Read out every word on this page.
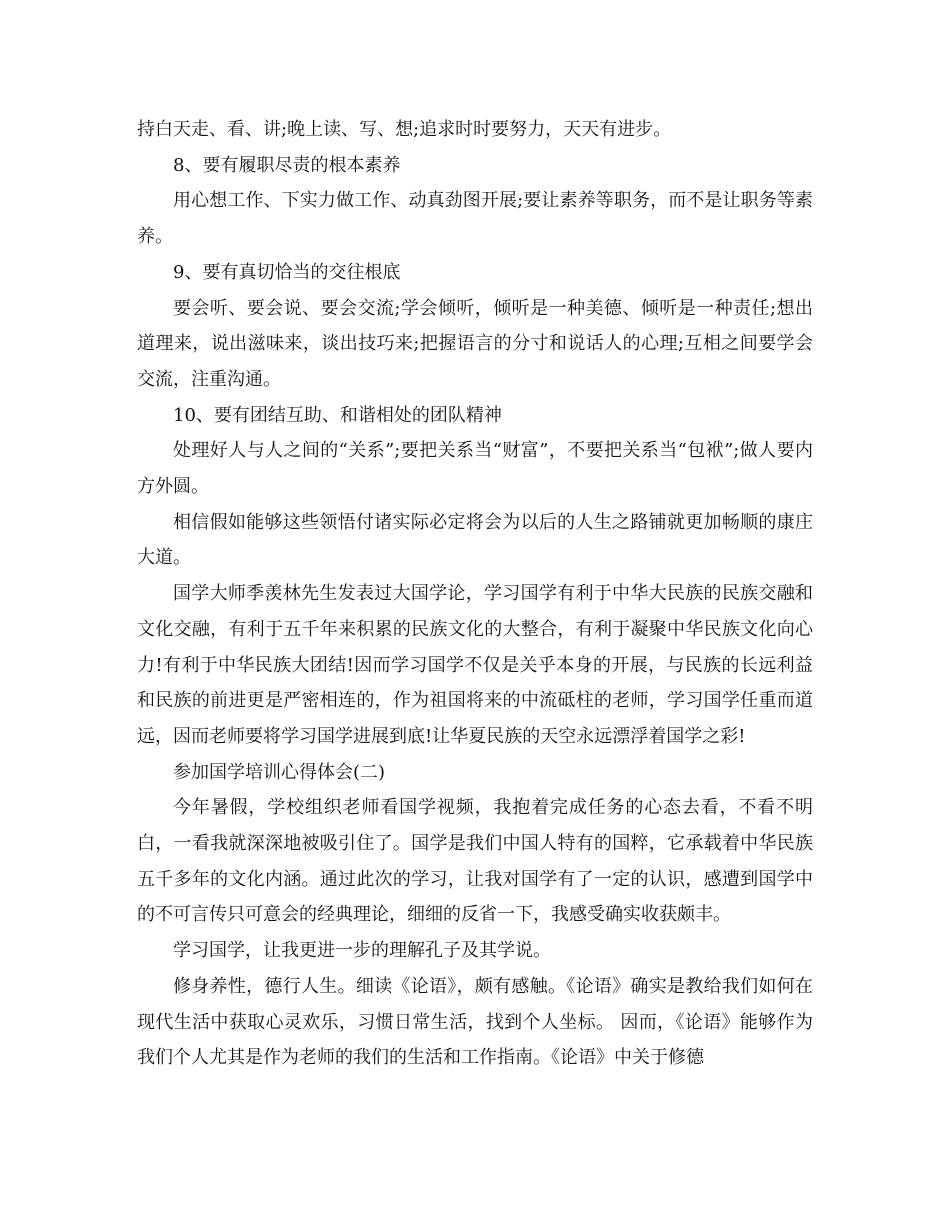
持白天走、看、讲;晚上读、写、想;追求时时要努力，天天有进步。

8、要有履职尽责的根本素养

用心想工作、下实力做工作、动真劲图开展;要让素养等职务，而不是让职务等素养。

9、要有真切恰当的交往根底

要会听、要会说、要会交流;学会倾听，倾听是一种美德、倾听是一种责任;想出道理来，说出滋味来，谈出技巧来;把握语言的分寸和说话人的心理;互相之间要学会交流，注重沟通。

10、要有团结互助、和谐相处的团队精神

处理好人与人之间的“关系”;要把关系当“财富”，不要把关系当“包袱”;做人要内方外圆。

相信假如能够这些领悟付诸实际必定将会为以后的人生之路铺就更加畅顺的康庄大道。

国学大师季羡林先生发表过大国学论，学习国学有利于中华大民族的民族交融和文化交融，有利于五千年来积累的民族文化的大整合，有利于凝聚中华民族文化向心力!有利于中华民族大团结!因而学习国学不仅是关乎本身的开展，与民族的长远利益和民族的前进更是严密相连的，作为祖国将来的中流砥柱的老师，学习国学任重而道远，因而老师要将学习国学进展到底!让华夏民族的天空永远漂浮着国学之彩!

参加国学培训心得体会(二)

今年暑假，学校组织老师看国学视频，我抱着完成任务的心态去看，不看不明白，一看我就深深地被吸引住了。国学是我们中国人特有的国粹，它承载着中华民族五千多年的文化内涵。通过此次的学习，让我对国学有了一定的认识，感遭到国学中的不可言传只可意会的经典理论，细细的反省一下，我感受确实收获颇丰。

学习国学，让我更进一步的理解孔子及其学说。

修身养性，德行人生。细读《论语》，颇有感触。《论语》确实是教给我们如何在现代生活中获取心灵欢乐，习惯日常生活，找到个人坐标。 因而，《论语》能够作为我们个人尤其是作为老师的我们的生活和工作指南。《论语》中关于修德
